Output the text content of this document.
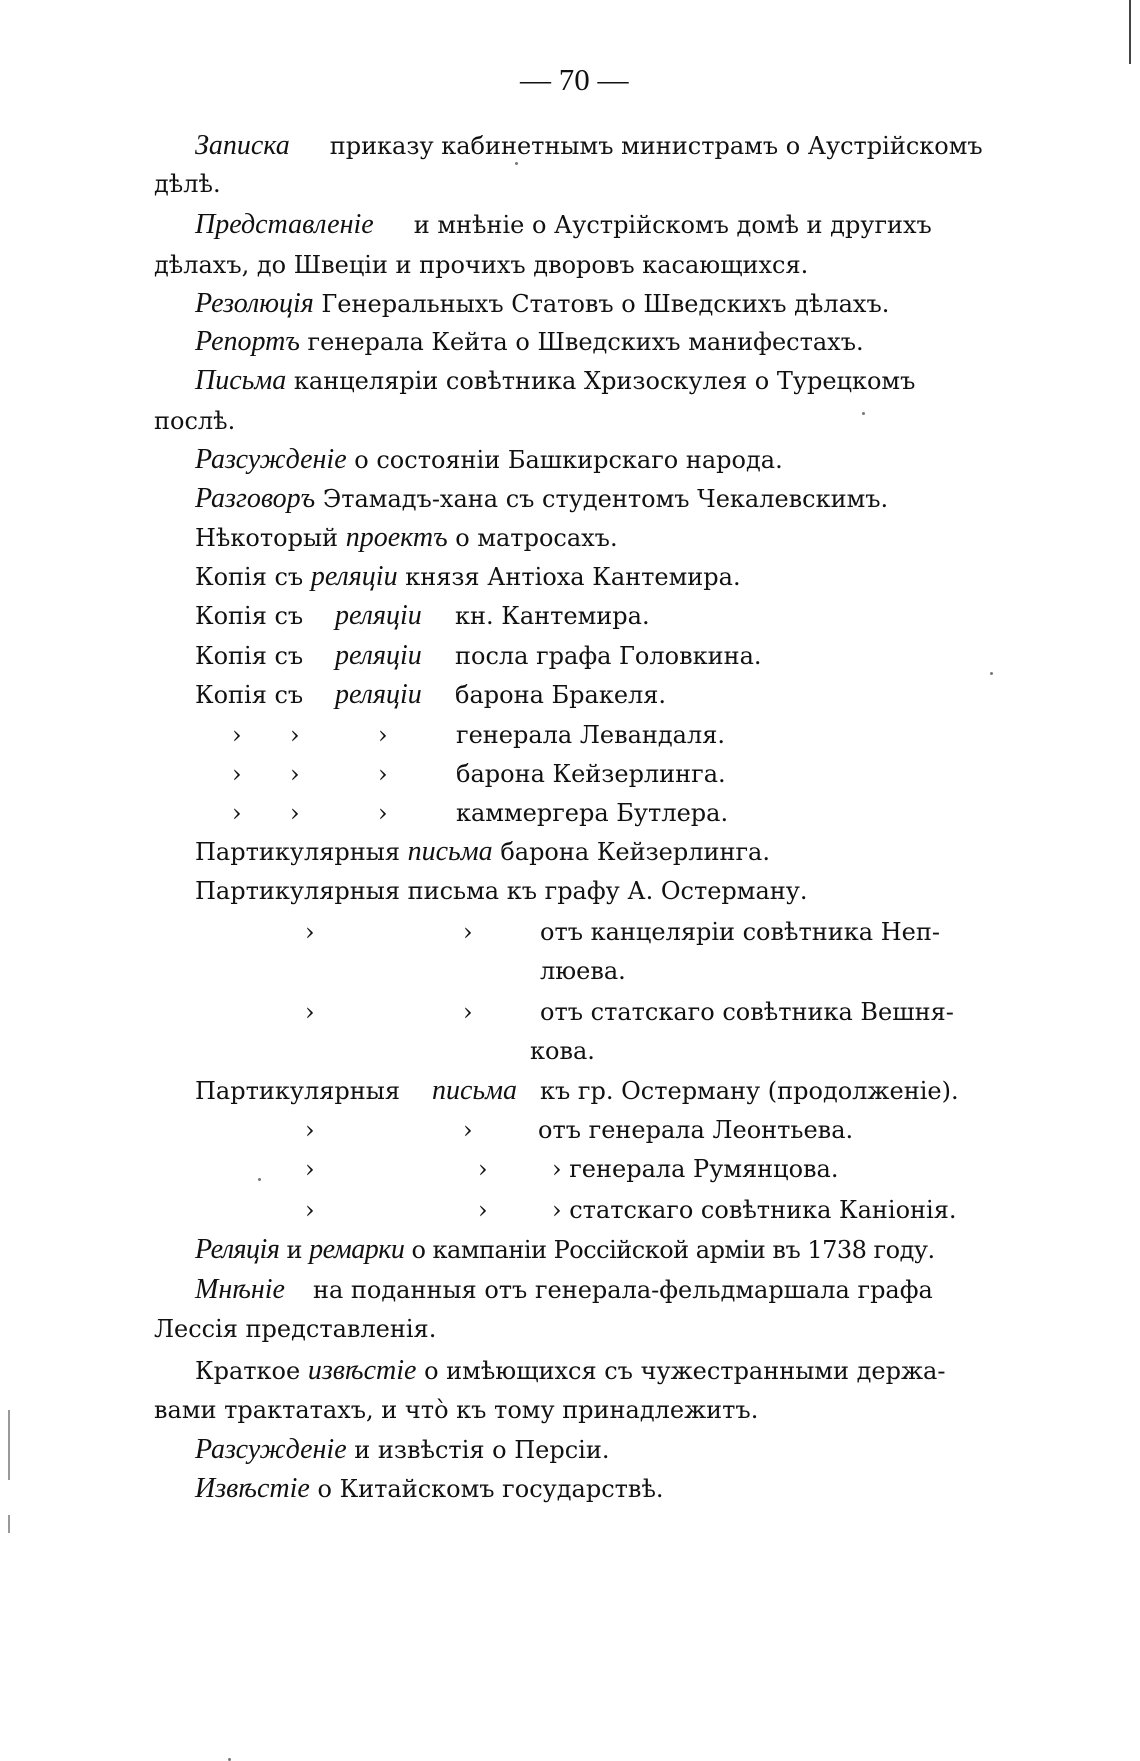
— 70 —
Записка приказу кабинетнымъ министрамъ о Аустрійскомъ
дѣлѣ.
Представленіе и мнѣніе о Аустрійскомъ домѣ и другихъ
дѣлахъ, до Швеціи и прочихъ дворовъ касающихся.
Резолюція Генеральныхъ Статовъ о Шведскихъ дѣлахъ.
Репортъ генерала Кейта о Шведскихъ манифестахъ.
Письма канцеляріи совѣтника Хризоскулея о Турецкомъ
послѣ.
Разсужденіе о состояніи Башкирскаго народа.
Разговоръ Этамадъ-хана съ студентомъ Чекалевскимъ.
Нѣкоторый проектъ о матросахъ.
Копія съ реляціи князя Антіоха Кантемира.
Копія съ реляціи кн. Кантемира.
Копія съ реляціи посла графа Головкина.
Копія съ реляціи барона Бракеля.
› ›	›	генерала Левандаля.
› ›	›	барона Кейзерлинга.
› ›	›	каммергера Бутлера.
Партикулярныя письма барона Кейзерлинга.
Партикулярныя письма къ графу А. Остерману.
›	›	отъ канцеляріи совѣтника Неп-
люева.
›	›	отъ статскаго совѣтника Вешня-
кова.
Партикулярныя письма къ гр. Остерману (продолженіе).
›	›	отъ генерала Леонтьева.
›	›	› генерала Румянцова.
›	›	› статскаго совѣтника Каніонія.
Реляція и ремарки о кампаніи Россійской арміи въ 1738 году.
Мнѣніе на поданныя отъ генерала-фельдмаршала графа
Лессія представленія.
Краткое извѣстіе о имѣющихся съ чужестранными держа-
вами трактатахъ, и чтò къ тому принадлежитъ.
Разсужденіе и извѣстія о Персіи.
Извѣстіе о Китайскомъ государствѣ.
